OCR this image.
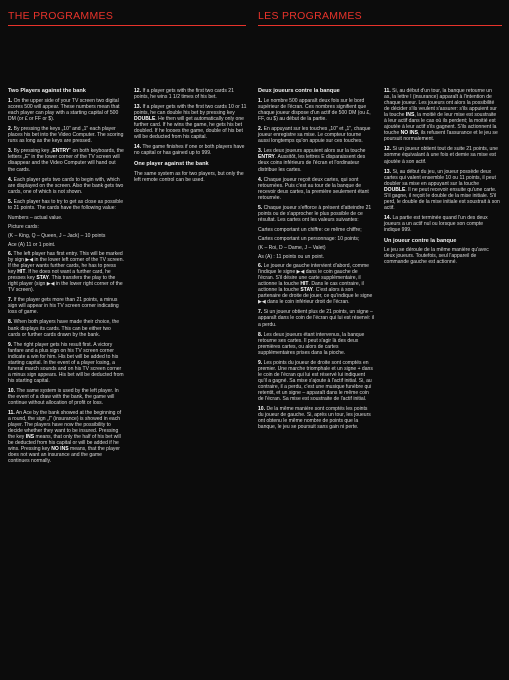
THE PROGRAMMES	LES PROGRAMMES
Two Players against the bank

1. On the upper side of your TV screen two digital scores 500 will appear. These numbers mean that each player can play with a starting capital of 500 DM (or £ or FF or $).

2. By pressing the keys „10" and „1" each player places his bet into the Video Computer. The scoring runs as long as the keys are pressed.

3. By pressing key „ENTRY" on both keyboards, the letters „E" in the lower corner of the TV screen will disappear and the Video Computer will hand out the cards.

4. Each player gets two cards to begin with, which are displayed on the screen. Also the bank gets two cards, one of which is not shown.

5. Each player has to try to get as close as possible to 21 points. The cards have the following value:

Numbers – actual value.
Picture cards:
(K – King, Q – Queen, J – Jack) – 10 points
Ace (A) 11 or 1 point.

6. The left player has first entry. This will be marked by sign ▶◀ in the lower left corner of the TV screen. If the player wants further cards, he has to press key HIT. If he does not want a further card, he presses key STAY. This transfers the play to the right player (sign ▶◀ in the lower right corner of the TV screen).

7. If the player gets more than 21 points, a minus sign will appear in his TV screen corner indicating loss of game.

8. When both players have made their choice, the bank displays its cards. This can be either two cards or further cards drawn by the bank.

9. The right player gets his result first. A victory fanfare and a plus sign on his TV screen corner indicate a win for him. His bet will be added to his starting capital. In the event of a player losing, a funeral march sounds and on his TV screen corner a minus sign appears. His bet will be deducted from his starting capital.

10. The same system is used by the left player. In the event of a draw with the bank, the game will continue without allocation of profit or loss.

11. An Ace by the bank showed at the beginning of a round, the sign „I" (insurance) is showed in each player. The players have now the possibility to decide whether they want to be insured. Pressing the key INS means, that only the half of his bet will be deducted from his capital or will be added if he wins. Pressing key NO INS means, that the player does not want an insurance and the game continues normally.

12. If a player gets with the first two cards 21 points, he wins 1 1/2 times of his bet.

13. If a player gets with the first two cards 10 or 11 points, he can double his bet by pressing key DOUBLE. He then will get automatically only one further card. If he wins the game, he gets his bet doubled. If he looses the game, double of his bet will be deducted from his capital.

14. The game finishes if one or both players have no capital or has gained up to 999.

One player against the bank
The same system as for two players, but only the left remote control can be used.
Deux joueurs contre la banque

1. Le nombre 500 apparaît deux fois sur le bord supérieur de l'écran. Ces nombres signifient que chaque joueur dispose d'un actif de 500 DM (ou £, FF, ou $) au début de la partie.

2. En appuyant sur les touches „10" et „1", chaque joueur enregistre sa mise. Le compteur tourne aussi longtemps qu'on appuie sur ces touches.

3. Les deux joueurs appuient alors sur la touche ENTRY. Aussitôt, les lettres E disparaissent des deux coins inférieurs de l'écran et l'ordinateur distribue les cartes.

4. Chaque joueur reçoit deux cartes, qui sont retournées. Puis c'est au tour de la banque de recevoir deux cartes, la première seulement étant retournée.

5. Chaque joueur s'efforce à présent d'atteindre 21 points ou de s'approcher le plus possible de ce résultat. Les cartes ont les valeurs suivantes:

Cartes comportant un chiffre: ce même chiffre;
Cartes comportant un personnage: 10 points;
(K – Roi, D – Dame, J – Valet)
As (A) : 11 points ou un point.

6. Le joueur de gauche intervient d'abord, comme l'indique le signe ▶◀ dans le coin gauche de l'écran. S'il désire une carte supplémentaire, il actionne la touche HIT. Dans le cas contraire, il actionne la touche STAY. C'est alors à son partenaire de droite de jouer, ce qu'indique le signe ▶◀ dans le coin inférieur droit de l'écran.

7. Si un joueur obtient plus de 21 points, un signe – apparaît dans le coin de l'écran qui lui est réservé: il a perdu.

8. Les deux joueurs étant intervenus, la banque retourne ses cartes. Il peut s'agir là des deux premières cartes, ou alors de cartes supplémentaires prises dans la pioche.

9. Les points du joueur de droite sont comptés en premier. Une marche triomphale et un signe + dans le coin de l'écran qui lui est réservé lui indiquent qu'il a gagné. Sa mise s'ajoute à l'actif initial. Si, au contraire, il a perdu, c'est une musique funèbre qui retentit, et un signe – apparaît dans le même coin de l'écran. Sa mise est soustraite de l'actif initial.

10. De la même manière sont comptés les points du joueur de gauche. Si, après un tour, les joueurs ont obtenu le même nombre de points que la banque, le jeu se poursuit sans gain ni perte.

11. Si, au début d'un tour, la banque retourne un as, la lettre I (insurance) apparaît à l'intention de chaque joueur. Les joueurs ont alors la possibilité de décider s'ils veulent s'assurer: s'ils appuient sur la touche INS, la moitié de leur mise est soustraite à leur actif dans le cas où ils perdent; la moitié est ajoutée à leur actif s'ils gagnent. S'ils actionnent la touche NO INS, ils refusent l'assurance et le jeu se poursuit normalement.

12. Si un joueur obtient tout de suite 21 points, une somme équivalant à une fois et demie sa mise est ajoutée à son actif.

13. Si, au début du jeu, un joueur possède deux cartes qui valent ensemble 10 ou 11 points, il peut doubler sa mise en appuyant sur la touche DOUBLE. Il ne peut recevoir ensuite qu'une carte. S'il gagne, il reçoit le double de la mise initiale. S'il perd, le double de la mise initiale est soustrait à son actif.

14. La partie est terminée quand l'un des deux joueurs a un actif nul ou lorsque son compte indique 999.

Un joueur contre la banque
Le jeu se déroule de la même manière qu'avec deux joueurs. Toutefois, seul l'appareil de commande gauche est actionné.
